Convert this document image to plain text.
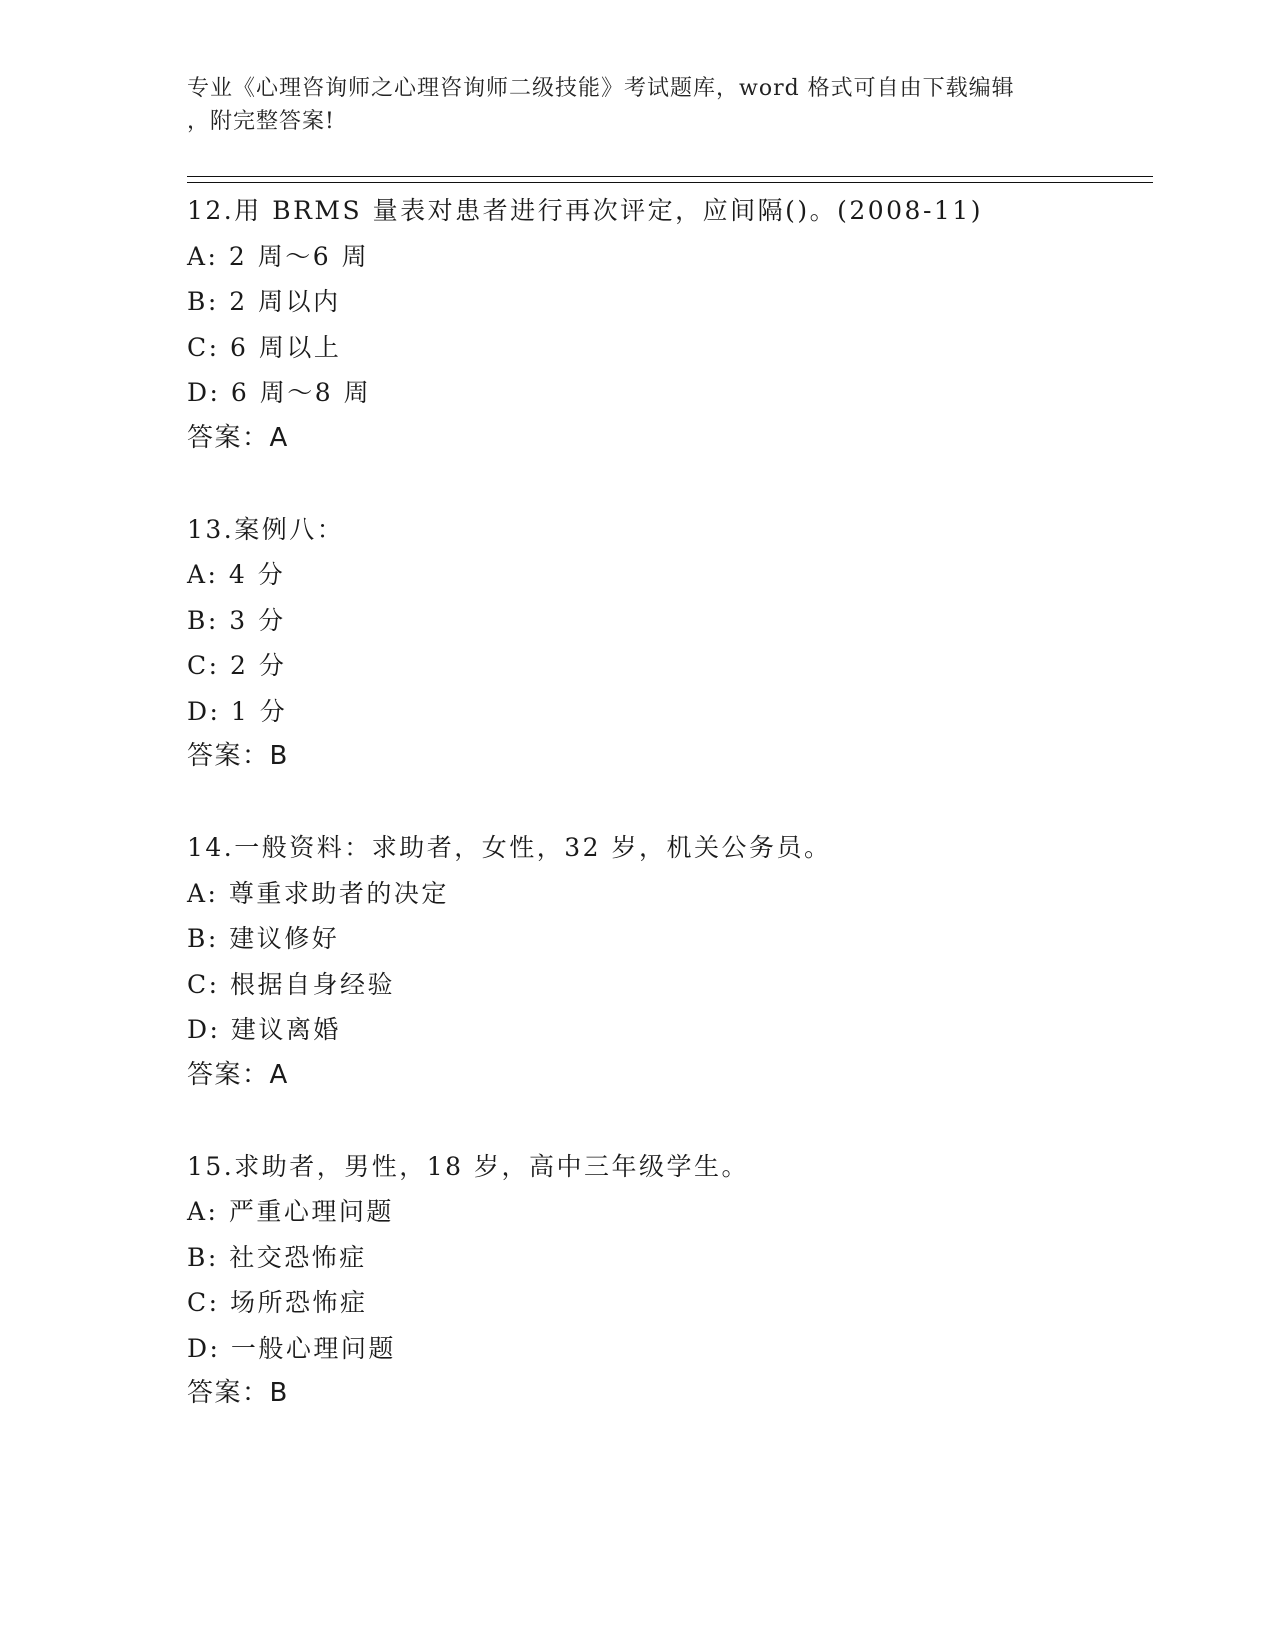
专业《心理咨询师之心理咨询师二级技能》考试题库，word 格式可自由下载编辑
，附完整答案!
12.用 BRMS 量表对患者进行再次评定，应间隔()。(2008-11)
A: 2 周～6 周
B: 2 周以内
C: 6 周以上
D: 6 周～8 周
答案：A
13.案例八：
A: 4 分
B: 3 分
C: 2 分
D: 1 分
答案：B
14.一般资料：求助者，女性，32 岁，机关公务员。
A: 尊重求助者的决定
B: 建议修好
C: 根据自身经验
D: 建议离婚
答案：A
15.求助者，男性，18 岁，高中三年级学生。
A: 严重心理问题
B: 社交恐怖症
C: 场所恐怖症
D: 一般心理问题
答案：B
